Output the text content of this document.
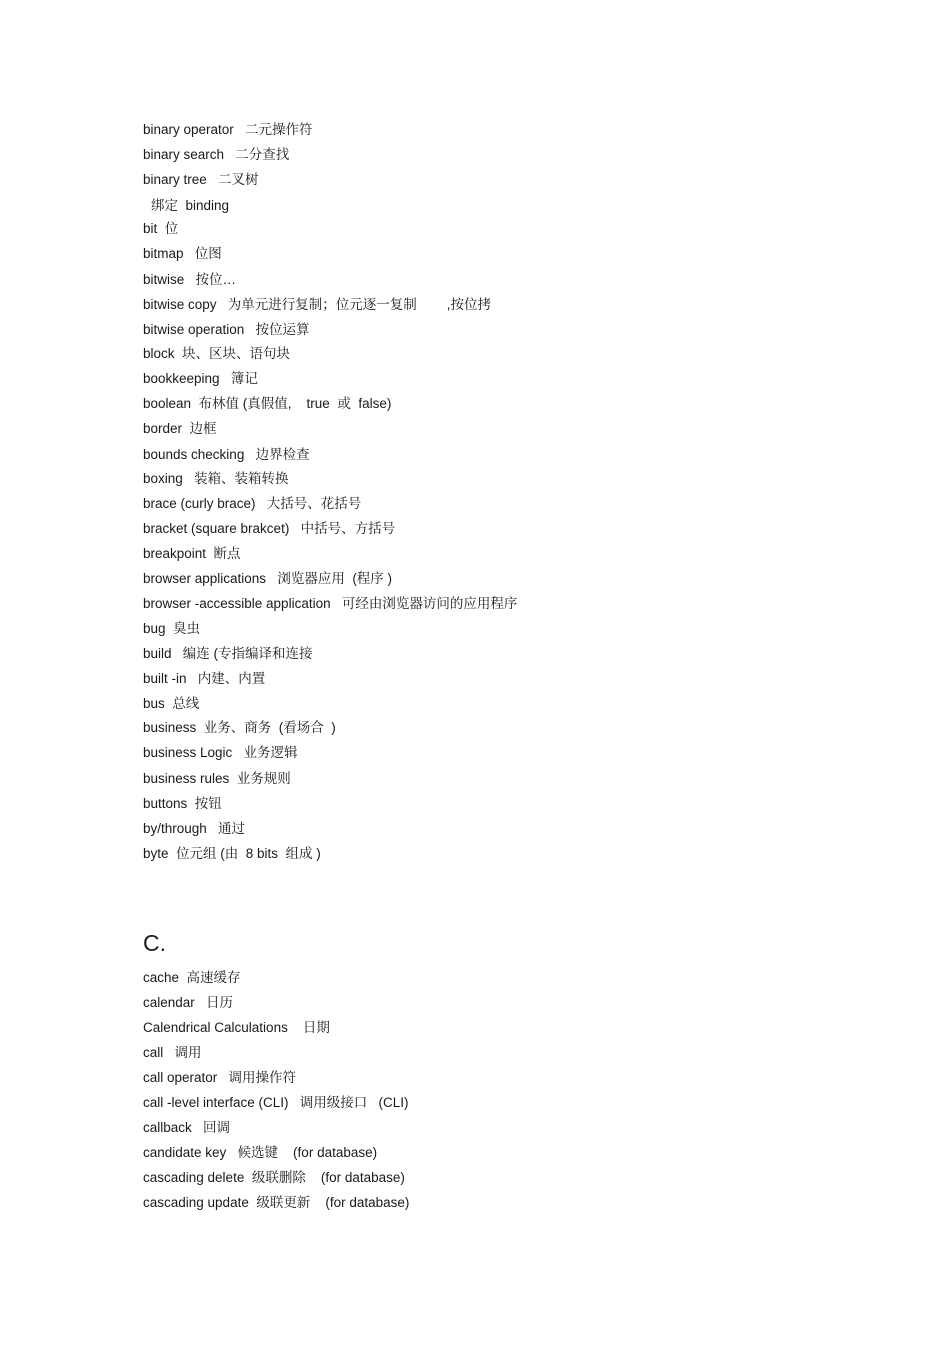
binary operator   二元操作符
binary search   二分查找
binary tree   二叉树
绑定  binding
bit  位
bitmap   位图
bitwise   按位…
bitwise copy   为单元进行复制；位元逐一复制        ,按位拷
bitwise operation   按位运算
block  块、区块、语句块
bookkeeping   簿记
boolean  布林值 (真假值,    true  或  false)
border  边框
bounds checking   边界检查
boxing   装箱、装箱转换
brace (curly brace)   大括号、花括号
bracket (square brakcet)   中括号、方括号
breakpoint  断点
browser applications   浏览器应用  (程序 )
browser -accessible application   可经由浏览器访问的应用程序
bug  臭虫
build   编连 (专指编译和连接
built -in   内建、内置
bus  总线
business  业务、商务  (看场合  )
business Logic   业务逻辑
business rules  业务规则
buttons  按钮
by/through   通过
byte  位元组 (由  8 bits  组成 )
C.
cache  高速缓存
calendar   日历
Calendrical Calculations    日期
call   调用
call operator   调用操作符
call -level interface (CLI)   调用级接口   (CLI)
callback   回调
candidate key   候选键    (for database)
cascading delete  级联删除    (for database)
cascading update  级联更新    (for database)
